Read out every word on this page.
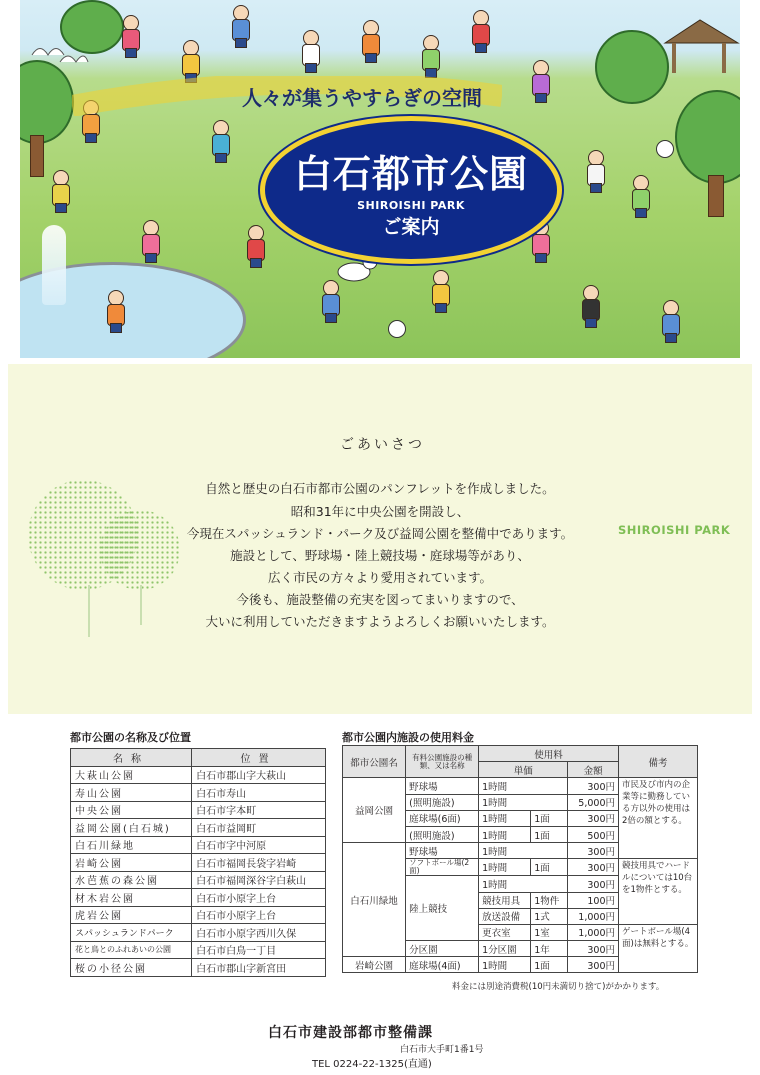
人々が集うやすらぎの空間
白石都市公園
SHIROISHI PARK
ご案内
ごあいさつ
自然と歴史の白石市都市公園のパンフレットを作成しました。
昭和31年に中央公園を開設し、
今現在スパッシュランド・パーク及び益岡公園を整備中であります。
施設として、野球場・陸上競技場・庭球場等があり、
広く市民の方々より愛用されています。
今後も、施設整備の充実を図ってまいりますので、
大いに利用していただきますようよろしくお願いいたします。
SHIROISHI PARK
都市公園の名称及び位置
名称	位置
大萩山公園	白石市郡山字大萩山
寿山公園	白石市寿山
中央公園	白石市字本町
益岡公園(白石城)	白石市益岡町
白石川緑地	白石市字中河原
岩崎公園	白石市福岡長袋字岩崎
水芭蕉の森公園	白石市福岡深谷字白萩山
材木岩公園	白石市小原字上台
虎岩公園	白石市小原字上台
スパッシュランドパーク	白石市小原字西川久保
花と鳥とのふれあいの公園	白石市白鳥一丁目
桜の小径公園	白石市郡山字新宮田
都市公園内施設の使用料金
都市公園名	有料公園施設の種類、又は名称	使用料			備考
		単価		金額	
益岡公園	野球場	1時間		300円	市民及び市内の企業等に勤務している方以外の使用は2倍の額とする。
	(照明施設)	1時間		5,000円	
	庭球場(6面)	1時間	1面	300円	
	(照明施設)	1時間	1面	500円	
白石川緑地	野球場	1時間		300円	
	ソフトボール場(2面)	1時間	1面	300円	競技用具でハードルについては10台を1物件とする。
	陸上競技	1時間		300円	
		競技用具	1物件	100円	
		放送設備	1式	1,000円	
		更衣室	1室	1,000円	ゲートボール場(4面)は無料とする。
	分区園	1分区園	1年	300円	
岩崎公園	庭球場(4面)	1時間	1面	300円	
料金には別途消費税(10円未満切り捨て)がかかります。
白石市建設部都市整備課
白石市大手町1番1号
TEL 0224-22-1325(直通)
